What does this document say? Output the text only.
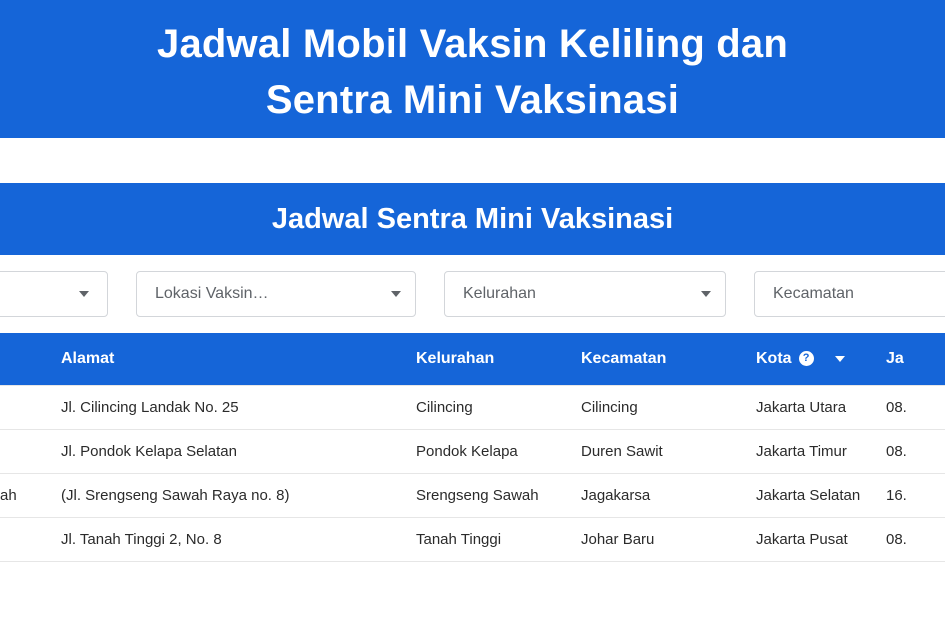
Jadwal Mobil Vaksin Keliling dan
Sentra Mini Vaksinasi
Jadwal Sentra Mini Vaksinasi
Lokasi Vaksin…	Kelurahan	Kecamatan
	Alamat	Kelurahan	Kecamatan	Kota ?	Ja

	Jl. Cilincing Landak No. 25	Cilincing	Cilincing	Jakarta Utara	08.

	Jl. Pondok Kelapa Selatan	Pondok Kelapa	Duren Sawit	Jakarta Timur	08.

ah	(Jl. Srengseng Sawah Raya no. 8)	Srengseng Sawah	Jagakarsa	Jakarta Selatan	16.

	Jl. Tanah Tinggi 2, No. 8	Tanah Tinggi	Johar Baru	Jakarta Pusat	08.
